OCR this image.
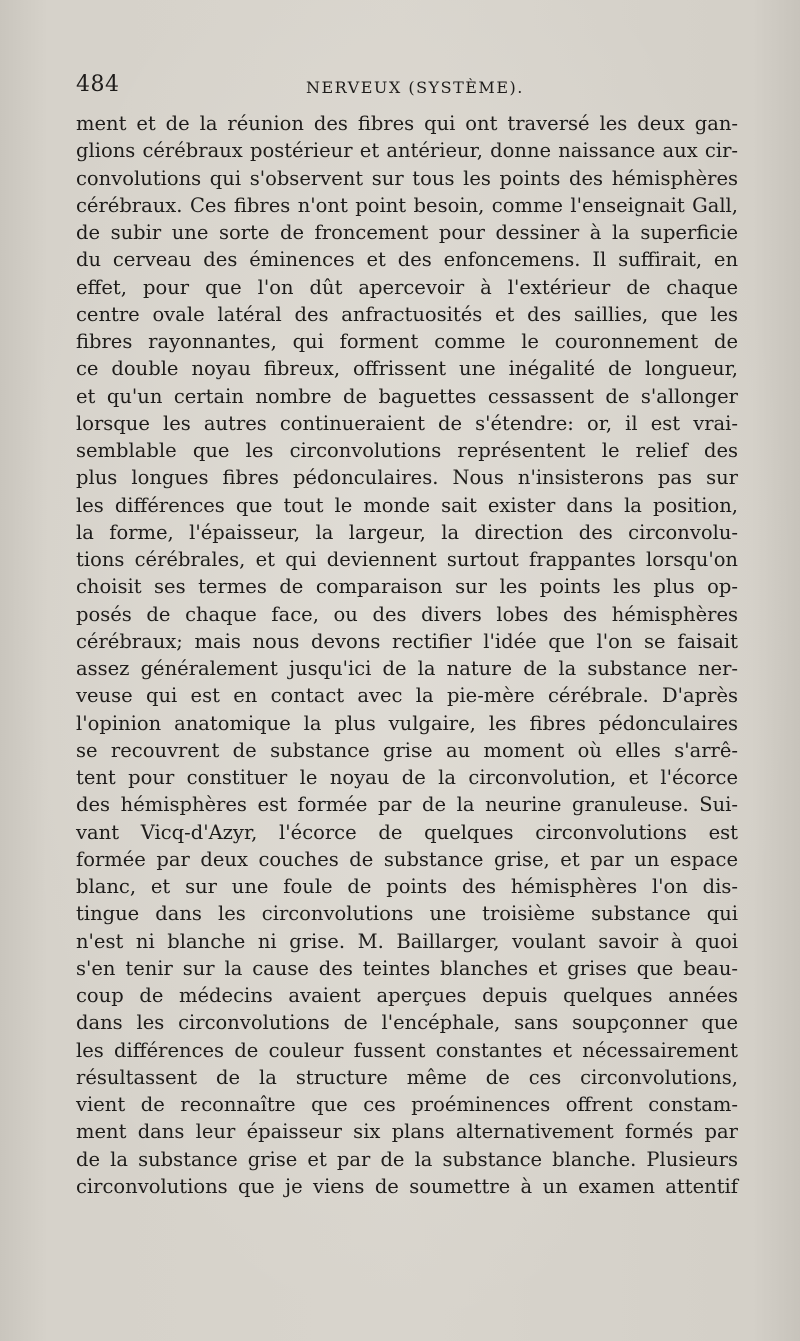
484	NERVEUX (SYSTÈME).
ment et de la réunion des fibres qui ont traversé les deux gan-
glions cérébraux postérieur et antérieur, donne naissance aux cir-
convolutions qui s'observent sur tous les points des hémisphères
cérébraux. Ces fibres n'ont point besoin, comme l'enseignait Gall,
de subir une sorte de froncement pour dessiner à la superficie
du cerveau des éminences et des enfoncemens. Il suffirait, en
effet, pour que l'on dût apercevoir à l'extérieur de chaque
centre ovale latéral des anfractuosités et des saillies, que les
fibres rayonnantes, qui forment comme le couronnement de
ce double noyau fibreux, offrissent une inégalité de longueur,
et qu'un certain nombre de baguettes cessassent de s'allonger
lorsque les autres continueraient de s'étendre: or, il est vrai-
semblable que les circonvolutions représentent le relief des
plus longues fibres pédonculaires. Nous n'insisterons pas sur
les différences que tout le monde sait exister dans la position,
la forme, l'épaisseur, la largeur, la direction des circonvolu-
tions cérébrales, et qui deviennent surtout frappantes lorsqu'on
choisit ses termes de comparaison sur les points les plus op-
posés de chaque face, ou des divers lobes des hémisphères
cérébraux; mais nous devons rectifier l'idée que l'on se faisait
assez généralement jusqu'ici de la nature de la substance ner-
veuse qui est en contact avec la pie-mère cérébrale. D'après
l'opinion anatomique la plus vulgaire, les fibres pédonculaires
se recouvrent de substance grise au moment où elles s'arrê-
tent pour constituer le noyau de la circonvolution, et l'écorce
des hémisphères est formée par de la neurine granuleuse. Sui-
vant Vicq-d'Azyr, l'écorce de quelques circonvolutions est
formée par deux couches de substance grise, et par un espace
blanc, et sur une foule de points des hémisphères l'on dis-
tingue dans les circonvolutions une troisième substance qui
n'est ni blanche ni grise. M. Baillarger, voulant savoir à quoi
s'en tenir sur la cause des teintes blanches et grises que beau-
coup de médecins avaient aperçues depuis quelques années
dans les circonvolutions de l'encéphale, sans soupçonner que
les différences de couleur fussent constantes et nécessairement
résultassent de la structure même de ces circonvolutions,
vient de reconnaître que ces proéminences offrent constam-
ment dans leur épaisseur six plans alternativement formés par
de la substance grise et par de la substance blanche. Plusieurs
circonvolutions que je viens de soumettre à un examen attentif
